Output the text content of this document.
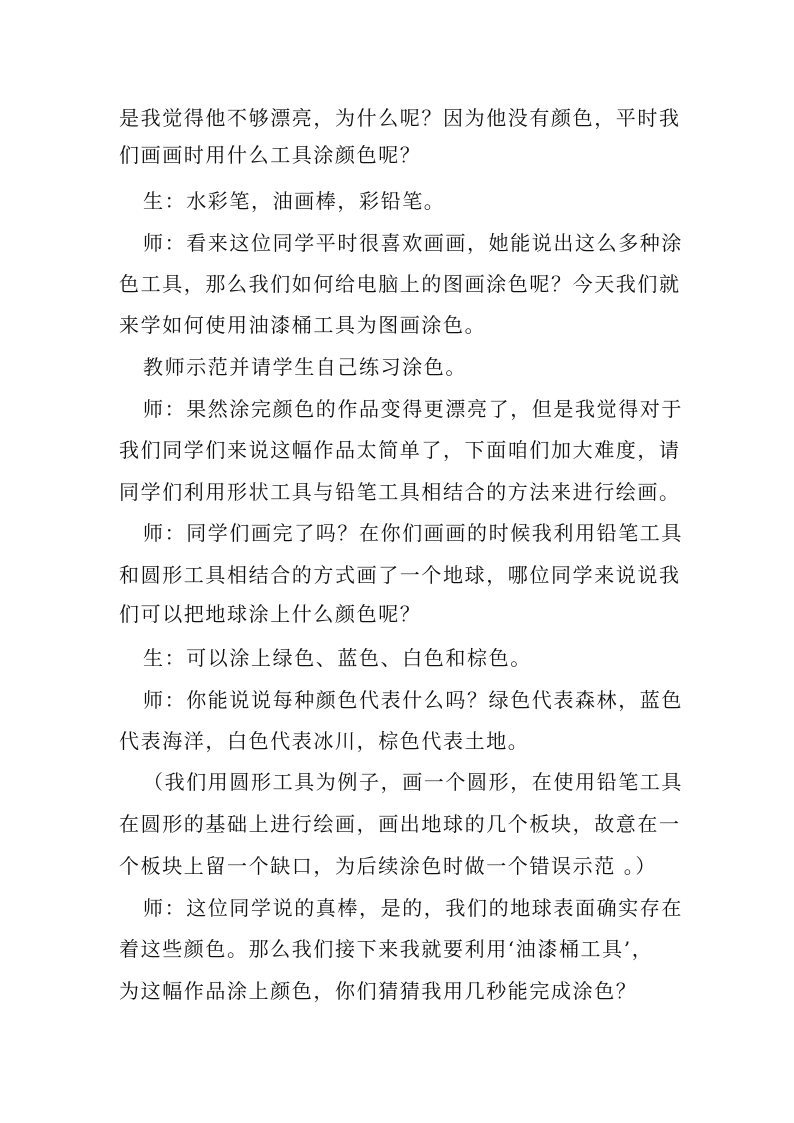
是我觉得他不够漂亮，为什么呢？因为他没有颜色，平时我
们画画时用什么工具涂颜色呢？
生：水彩笔，油画棒，彩铅笔。
师：看来这位同学平时很喜欢画画，她能说出这么多种涂
色工具，那么我们如何给电脑上的图画涂色呢？今天我们就
来学如何使用油漆桶工具为图画涂色。
教师示范并请学生自己练习涂色。
师：果然涂完颜色的作品变得更漂亮了，但是我觉得对于
我们同学们来说这幅作品太简单了，下面咱们加大难度，请
同学们利用形状工具与铅笔工具相结合的方法来进行绘画。
师：同学们画完了吗？在你们画画的时候我利用铅笔工具
和圆形工具相结合的方式画了一个地球，哪位同学来说说我
们可以把地球涂上什么颜色呢？
生：可以涂上绿色、蓝色、白色和棕色。
师：你能说说每种颜色代表什么吗？绿色代表森林，蓝色
代表海洋，白色代表冰川，棕色代表土地。
（我们用圆形工具为例子，画一个圆形，在使用铅笔工具
在圆形的基础上进行绘画，画出地球的几个板块，故意在一
个板块上留一个缺口，为后续涂色时做一个错误示范 。）
师：这位同学说的真棒，是的，我们的地球表面确实存在
着这些颜色。那么我们接下来我就要利用‘油漆桶工具’，
为这幅作品涂上颜色，你们猜猜我用几秒能完成涂色？
